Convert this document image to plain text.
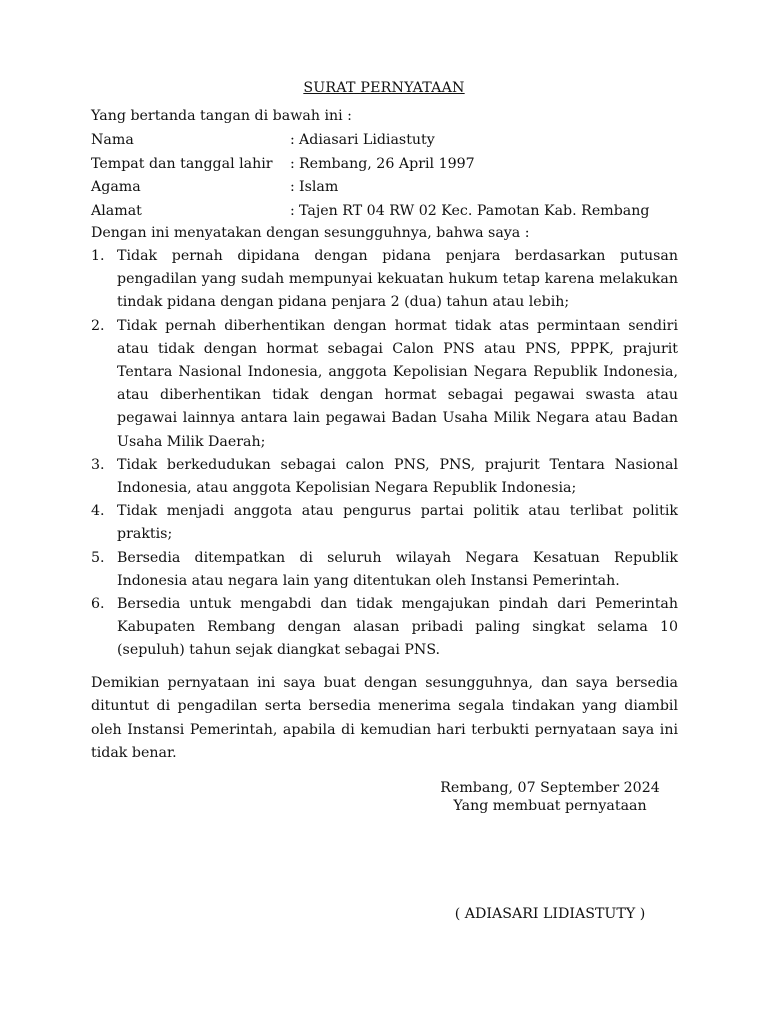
SURAT PERNYATAAN
Yang bertanda tangan di bawah ini :
Nama	: Adiasari Lidiastuty
Tempat dan tanggal lahir : Rembang, 26 April 1997
Agama	: Islam
Alamat	: Tajen RT 04 RW 02 Kec. Pamotan Kab. Rembang
Dengan ini menyatakan dengan sesungguhnya, bahwa saya :
1. Tidak pernah dipidana dengan pidana penjara berdasarkan putusan pengadilan yang sudah mempunyai kekuatan hukum tetap karena melakukan tindak pidana dengan pidana penjara 2 (dua) tahun atau lebih;
2. Tidak pernah diberhentikan dengan hormat tidak atas permintaan sendiri atau tidak dengan hormat sebagai Calon PNS atau PNS, PPPK, prajurit Tentara Nasional Indonesia, anggota Kepolisian Negara Republik Indonesia, atau diberhentikan tidak dengan hormat sebagai pegawai swasta atau pegawai lainnya antara lain pegawai Badan Usaha Milik Negara atau Badan Usaha Milik Daerah;
3. Tidak berkedudukan sebagai calon PNS, PNS, prajurit Tentara Nasional Indonesia, atau anggota Kepolisian Negara Republik Indonesia;
4. Tidak menjadi anggota atau pengurus partai politik atau terlibat politik praktis;
5. Bersedia ditempatkan di seluruh wilayah Negara Kesatuan Republik Indonesia atau negara lain yang ditentukan oleh Instansi Pemerintah.
6. Bersedia untuk mengabdi dan tidak mengajukan pindah dari Pemerintah Kabupaten Rembang dengan alasan pribadi paling singkat selama 10 (sepuluh) tahun sejak diangkat sebagai PNS.
Demikian pernyataan ini saya buat dengan sesungguhnya, dan saya bersedia dituntut di pengadilan serta bersedia menerima segala tindakan yang diambil oleh Instansi Pemerintah, apabila di kemudian hari terbukti pernyataan saya ini tidak benar.
Rembang, 07 September 2024
Yang membuat pernyataan
( ADIASARI LIDIASTUTY )
